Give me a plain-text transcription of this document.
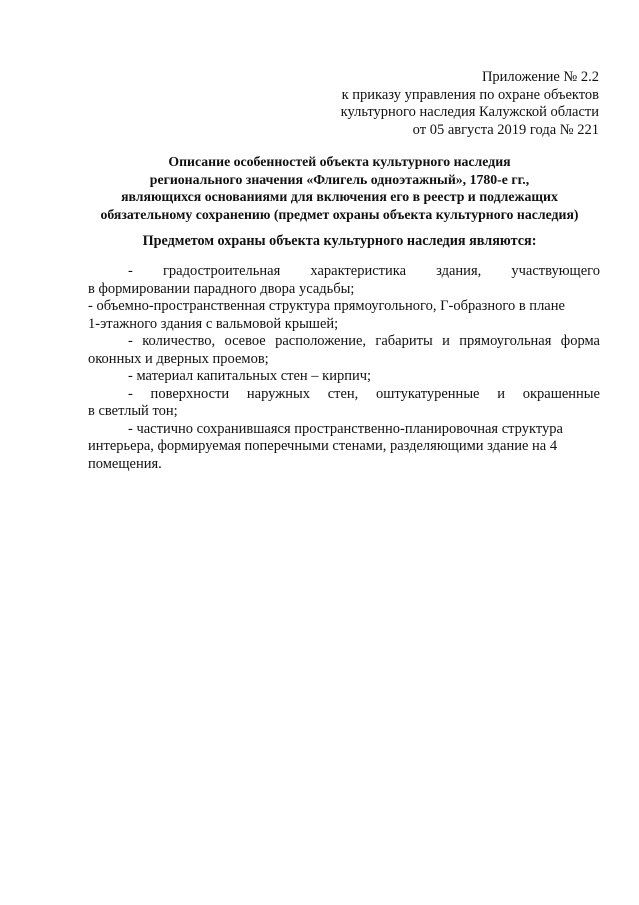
Приложение № 2.2
к приказу управления по охране объектов
культурного наследия Калужской области
от 05 августа 2019 года № 221
Описание особенностей объекта культурного наследия
регионального значения «Флигель одноэтажный», 1780-е гг.,
являющихся основаниями для включения его в реестр и подлежащих
обязательному сохранению (предмет охраны объекта культурного наследия)
Предметом охраны объекта культурного наследия являются:
- градостроительная характеристика здания, участвующего
в формировании парадного двора усадьбы;
- объемно-пространственная структура прямоугольного, Г-образного в плане
1-этажного здания с вальмовой крышей;
- количество, осевое расположение, габариты и прямоугольная форма
оконных и дверных проемов;
- материал капитальных стен – кирпич;
- поверхности наружных стен, оштукатуренные и окрашенные
в светлый тон;
- частично сохранившаяся пространственно-планировочная структура
интерьера, формируемая поперечными стенами, разделяющими здание на 4
помещения.
